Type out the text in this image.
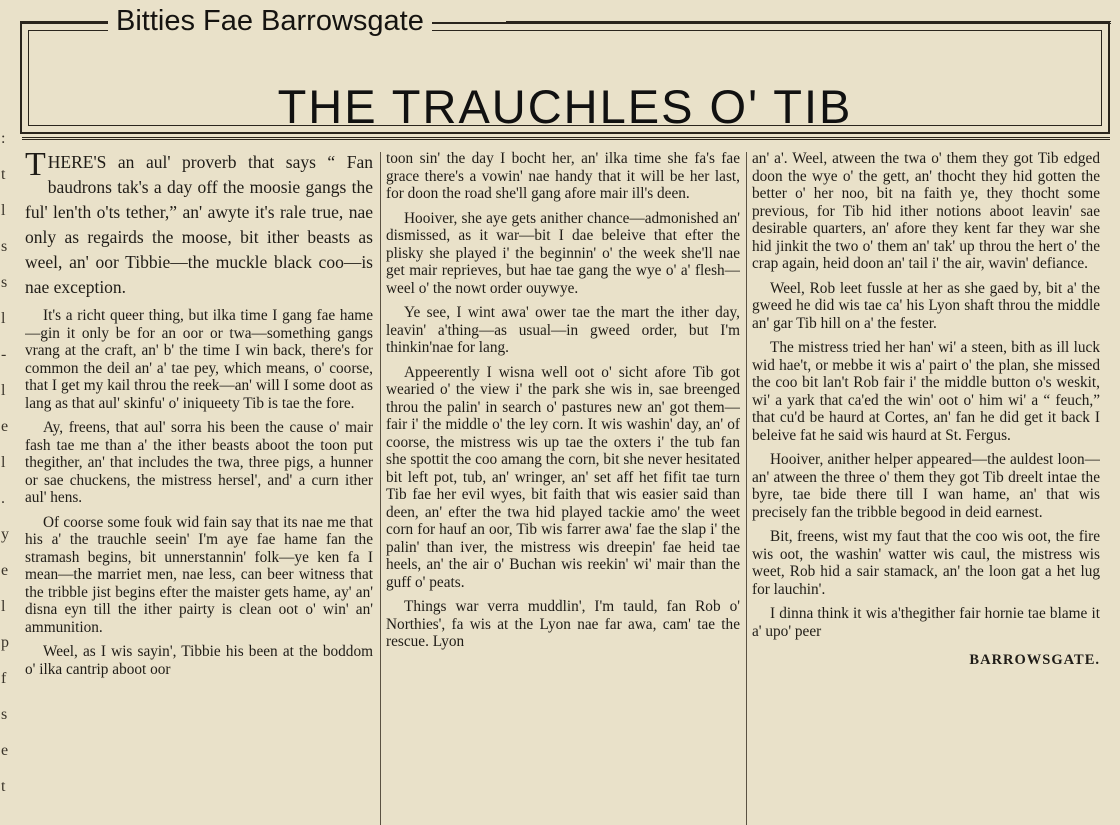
:
t
l
s
s
l
-
l
e
l
.
y
e
l
p
f
s
e
t
THE TRAUCHLES O' TIB
Bitties Fae Barrowsgate

THERE'S an aul' proverb that says “ Fan baudrons tak's a day off the moosie gangs the ful' len'th o'ts tether,” an' awyte it's rale true, nae only as regairds the moose, bit ither beasts as weel, an' oor Tibbie—the muckle black coo—is nae exception.

It's a richt queer thing, but ilka time I gang fae hame—gin it only be for an oor or twa—something gangs vrang at the craft, an' b' the time I win back, there's for common the deil an' a' tae pey, which means, o' coorse, that I get my kail throu the reek—an' will I some doot as lang as that aul' skinfu' o' iniqueety Tib is tae the fore.

Ay, freens, that aul' sorra his been the cause o' mair fash tae me than a' the ither beasts aboot the toon put thegither, an' that includes the twa, three pigs, a hunner or sae chuckens, the mistress hersel', and' a curn ither aul' hens.

Of coorse some fouk wid fain say that its nae me that his a' the trauchle seein' I'm aye fae hame fan the stramash begins, bit unnerstannin' folk—ye ken fa I mean—the marriet men, nae less, can beer witness that the tribble jist begins efter the maister gets hame, ay' an' disna eyn till the ither pairty is clean oot o' win' an' ammunition.

Weel, as I wis sayin', Tibbie his been at the boddom o' ilka cantrip aboot oor

toon sin' the day I bocht her, an' ilka time she fa's fae grace there's a vowin' nae handy that it will be her last, for doon the road she'll gang afore mair ill's deen.

Hooiver, she aye gets anither chance—admonished an' dismissed, as it war—bit I dae beleive that efter the plisky she played i' the beginnin' o' the week she'll nae get mair reprieves, but hae tae gang the wye o' a' flesh—weel o' the nowt order ouywye.

Ye see, I wint awa' ower tae the mart the ither day, leavin' a'thing—as usual—in gweed order, but I'm thinkin'nae for lang.

Appeerently I wisna well oot o' sicht afore Tib got wearied o' the view i' the park she wis in, sae breenged throu the palin' in search o' pastures new an' got them—fair i' the middle o' the ley corn. It wis washin' day, an' of coorse, the mistress wis up tae the oxters i' the tub fan she spottit the coo amang the corn, bit she never hesitated bit left pot, tub, an' wringer, an' set aff het fifit tae turn Tib fae her evil wyes, bit faith that wis easier said than deen, an' efter the twa hid played tackie amo' the weet corn for hauf an oor, Tib wis farrer awa' fae the slap i' the palin' than iver, the mistress wis dreepin' fae heid tae heels, an' the air o' Buchan wis reekin' wi' mair than the guff o' peats.

Things war verra muddlin', I'm tauld, fan Rob o' Northies', fa wis at the Lyon nae far awa, cam' tae the rescue. Lyon

an' a'. Weel, atween the twa o' them they got Tib edged doon the wye o' the gett, an' thocht they hid gotten the better o' her noo, bit na faith ye, they thocht some previous, for Tib hid ither notions aboot leavin' sae desirable quarters, an' afore they kent far they war she hid jinkit the two o' them an' tak' up throu the hert o' the crap again, heid doon an' tail i' the air, wavin' defiance.

Weel, Rob leet fussle at her as she gaed by, bit a' the gweed he did wis tae ca' his Lyon shaft throu the middle an' gar Tib hill on a' the fester.

The mistress tried her han' wi' a steen, bith as ill luck wid hae't, or mebbe it wis a' pairt o' the plan, she missed the coo bit lan't Rob fair i' the middle button o's weskit, wi' a yark that ca'ed the win' oot o' him wi' a “ feuch,” that cu'd be haurd at Cortes, an' fan he did get it back I beleive fat he said wis haurd at St. Fergus.

Hooiver, anither helper appeared—the auldest loon—an' atween the three o' them they got Tib dreelt intae the byre, tae bide there till I wan hame, an' that wis precisely fan the tribble begood in deid earnest.

Bit, freens, wist my faut that the coo wis oot, the fire wis oot, the washin' watter wis caul, the mistress wis weet, Rob hid a sair stamack, an' the loon gat a het lug for lauchin'.

I dinna think it wis a'thegither fair hornie tae blame it a' upo' peer

BARROWSGATE.
